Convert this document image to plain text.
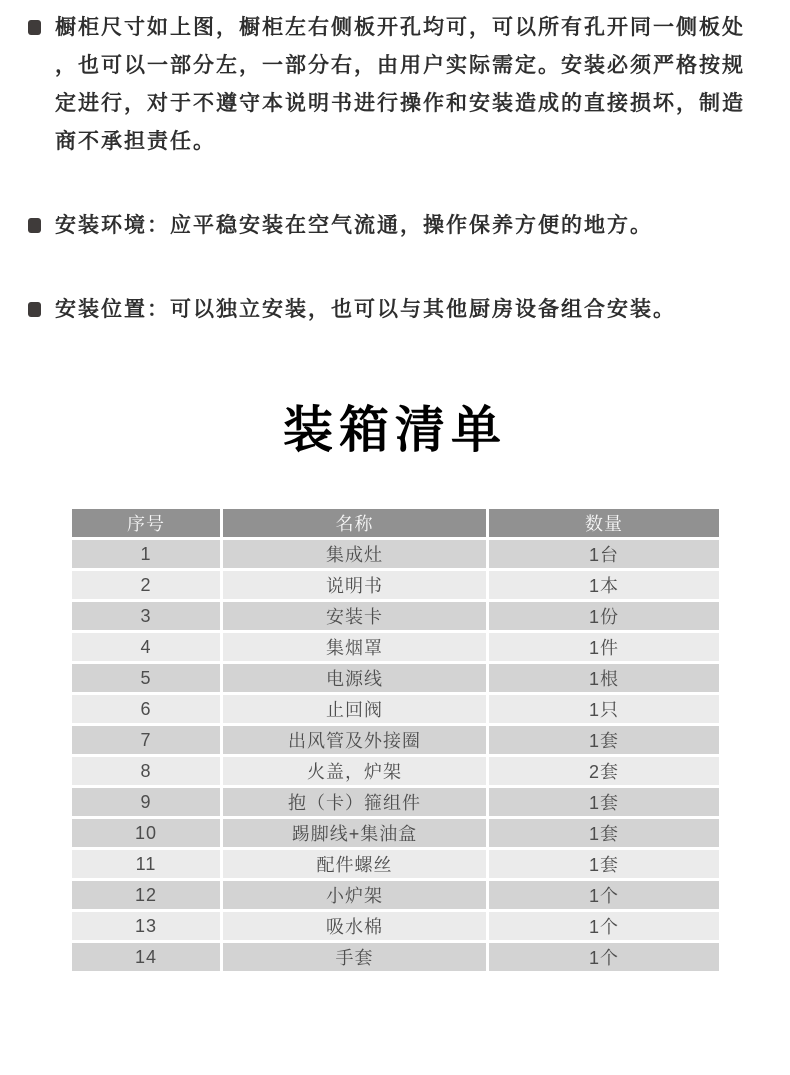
橱柜尺寸如上图，橱柜左右侧板开孔均可，可以所有孔开同一侧板处，也可以一部分左，一部分右，由用户实际需定。安装必须严格按规定进行，对于不遵守本说明书进行操作和安装造成的直接损坏，制造商不承担责任。
安装环境：应平稳安装在空气流通，操作保养方便的地方。
安装位置：可以独立安装，也可以与其他厨房设备组合安装。
装箱清单
序号	名称	数量
1	集成灶	1台
2	说明书	1本
3	安装卡	1份
4	集烟罩	1件
5	电源线	1根
6	止回阀	1只
7	出风管及外接圈	1套
8	火盖，炉架	2套
9	抱（卡）箍组件	1套
10	踢脚线+集油盒	1套
11	配件螺丝	1套
12	小炉架	1个
13	吸水棉	1个
14	手套	1个
